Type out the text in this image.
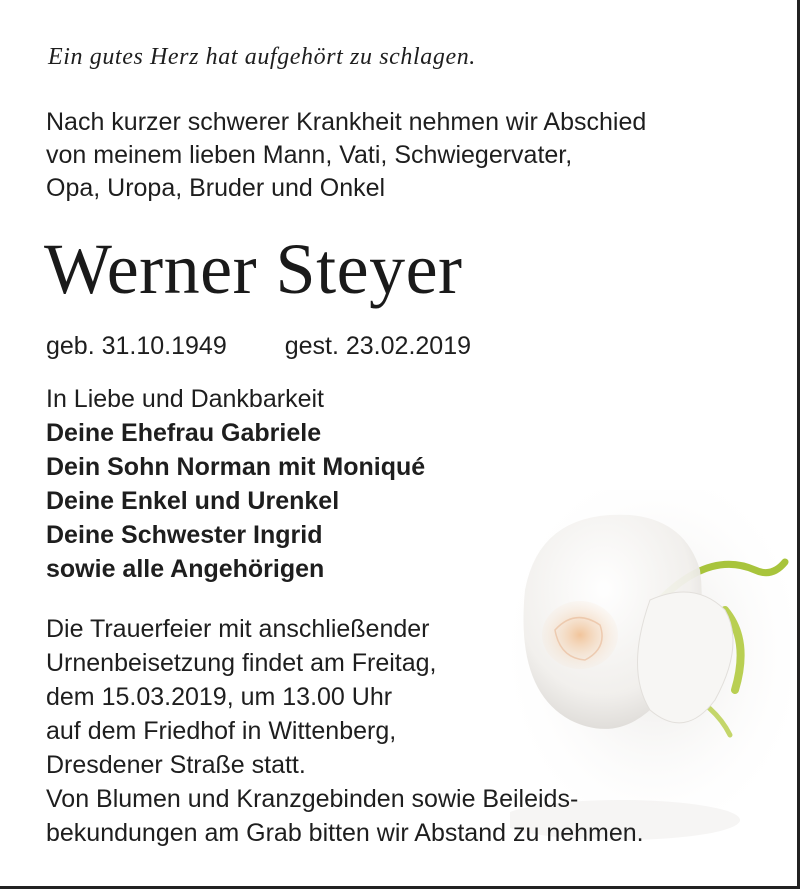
Ein gutes Herz hat aufgehört zu schlagen.
Nach kurzer schwerer Krankheit nehmen wir Abschied
von meinem lieben Mann, Vati, Schwiegervater,
Opa, Uropa, Bruder und Onkel
Werner Steyer
geb. 31.10.1949 gest. 23.02.2019
In Liebe und Dankbarkeit
Deine Ehefrau Gabriele
Dein Sohn Norman mit Moniqué
Deine Enkel und Urenkel
Deine Schwester Ingrid
sowie alle Angehörigen
Die Trauerfeier mit anschließender
Urnenbeisetzung findet am Freitag,
dem 15.03.2019, um 13.00 Uhr
auf dem Friedhof in Wittenberg,
Dresdener Straße statt.
Von Blumen und Kranzgebinden sowie Beileids-
bekundungen am Grab bitten wir Abstand zu nehmen.
